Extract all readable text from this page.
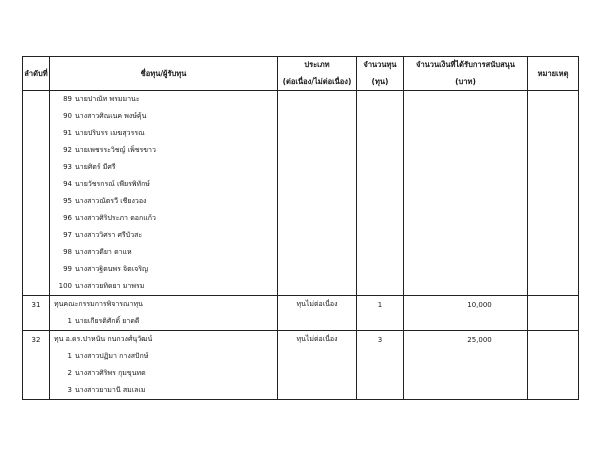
ลำดับที่	ชื่อทุน/ผู้รับทุน	ประเภท	จำนวนทุน	จำนวนเงินที่ได้รับการสนับสนุน	หมายเหตุ
		(ต่อเนื่อง/ไม่ต่อเนื่อง)	(ทุน)	(บาท)	
	89 นายปาณัท พรมมานะ				
	90 นางสาวศิณเนค พงษ์คุ้น				
	91 นายปริบรร เมฆสุวรรณ				
	92 นายเพชรระวิชญ์ เพ็ชรขาว				
	93 นายศิตร์ มีศรี				
	94 นายวัชรกรณ์ เพียรพิทักษ์				
	95 นางสาวณัตรวี เชียงวอง				
	96 นางสาวศิริประภา ดอกแก้ว				
	97 นางสาววิศรา ศรีบัวสะ				
	98 นางสาวดียา ดาแห				
	99 นางสาวฐิตนพร จิตเจริญ				
	100 นางสาวยทิดยา มาพรม				
31	ทุนคณะกรรมการพิจารณาทุน	ทุนไม่ต่อเนื่อง	1	10,000	
	1 นายเกียรติศักดิ์ ยาดดี				
32	ทุน อ.ดร.ปาหนัน กนกวงศ์นุวัฒน์	ทุนไม่ต่อเนื่อง	3	25,000	
	1 นางสาวปฏิมา กางสปักษ์				
	2 นางสาวศิริพร กุมขุนทด				
	3 นางสาวยามานี สมเลเม				
